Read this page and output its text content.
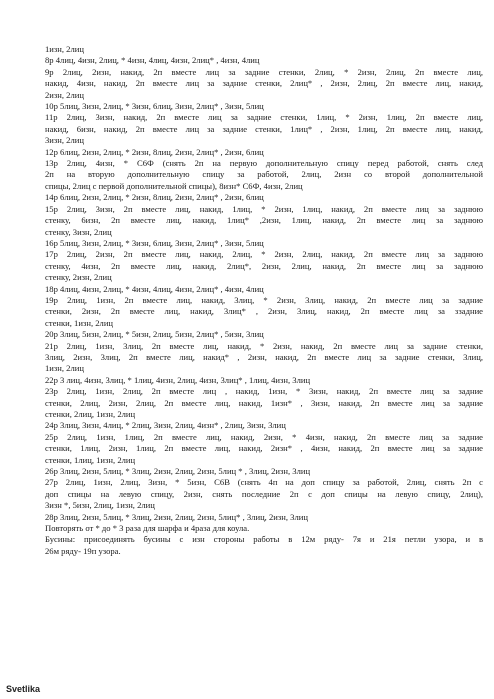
1изн, 2лиц
8р 4лиц, 4изн, 2лиц, * 4изн, 4лиц, 4изн, 2лиц* , 4изн, 4лиц
9р 2лиц, 2изн, накид, 2п вместе лиц за задние стенки, 2лиц, * 2изн, 2лиц, 2п вместе лиц,
накид, 4изн, накид, 2п вместе лиц за задние стенки, 2лиц* , 2изн, 2лиц, 2п вместе лиц, накид,
2изн, 2лиц
10р 5лиц, 3изн, 2лиц, * 3изн, 6лиц, 3изн, 2лиц* , 3изн, 5лиц
11р 2лиц, 3изн, накид, 2п вместе лиц за задние стенки, 1лиц, * 2изн, 1лиц, 2п вместе лиц,
накид, 6изн, накид, 2п вместе лиц за задние стенки, 1лиц* , 2изн, 1лиц, 2п вместе лиц, накид,
3изн, 2лиц
12р 6лиц, 2изн, 2лиц, * 2изн, 8лиц, 2изн, 2лиц* , 2изн, 6лиц
13р 2лиц, 4изн, * С6Ф (снять 2п на первую дополнительную спицу перед работой, снять след
2п на вторую дополнительную спицу за работой, 2лиц, 2изн со второй дополнительной
спицы, 2лиц с первой дополнительной спицы), 8изн* С6Ф, 4изн, 2лиц
14р 6лиц, 2изн, 2лиц, * 2изн, 8лиц, 2изн, 2лиц* , 2изн, 6лиц
15р 2лиц, 3изн, 2п вместе лиц, накид, 1лиц, * 2изн, 1лиц, накид, 2п вместе лиц за заднюю
стенку, 6изн, 2п вместе лиц, накид, 1лиц* ,2изн, 1лиц, накид, 2п вместе лиц за заднюю
стенку, 3изн, 2лиц
16р 5лиц, 3изн, 2лиц, * 3изн, 6лиц, 3изн, 2лиц* , 3изн, 5лиц
17р 2лиц, 2изн, 2п вместе лиц, накид, 2лиц, * 2изн, 2лиц, накид, 2п вместе лиц за заднюю
стенку, 4изн, 2п вместе лиц, накид, 2лиц*, 2изн, 2лиц, накид, 2п вместе лиц за заднюю
стенку, 2изн, 2лиц
18р 4лиц, 4изн, 2лиц, * 4изн, 4лиц, 4изн, 2лиц* , 4изн, 4лиц
19р 2лиц, 1изн, 2п вместе лиц, накид, 3лиц, * 2изн, 3лиц, накид, 2п вместе лиц за задние
стенки, 2изн, 2п вместе лиц, накид, 3лиц* , 2изн, 3лиц, накид, 2п вместе лиц за ззадние
стенки, 1изн, 2лиц
20р 3лиц, 5изн, 2лиц, * 5изн, 2лиц, 5изн, 2лиц* , 5изн, 3лиц
21р 2лиц, 1изн, 3лиц, 2п вместе лиц, накид, * 2изн, накид, 2п вместе лиц за задние стенки,
3лиц, 2изн, 3лиц, 2п вместе лиц, накид* , 2изн, накид, 2п вместе лиц за задние стенки, 3лиц,
1изн, 2лиц
22р 3 лиц, 4изн, 3лиц, * 1лиц, 4изн, 2лиц, 4изн, 3лиц* , 1лиц, 4изн, 3лиц
23р 2лиц, 1изн, 2лиц, 2п вместе лиц , накид, 1изн, * 3изн, накид, 2п вместе лиц за задние
стенки, 2лиц, 2изн, 2лиц, 2п вместе лиц, накид, 1изн* , 3изн, накид, 2п вместе лиц за задние
стенки, 2лиц, 1изн, 2лиц
24р 3лиц, 3изн, 4лиц, * 2лиц, 3изн, 2лиц, 4изн* , 2лиц, 3изн, 3лиц
25р 2лиц, 1изн, 1лиц, 2п вместе лиц, накид, 2изн, * 4изн, накид, 2п вместе лиц за задние
стенки, 1лиц, 2изн, 1лиц, 2п вместе лиц, накид, 2изн* , 4изн, накид, 2п вместе лиц за задние
стенки, 1лиц, 1изн, 2лиц
26р 3лиц, 2изн, 5лиц, * 3лиц, 2изн, 2лиц, 2изн, 5лиц * , 3лиц, 2изн, 3лиц
27р 2лиц, 1изн, 2лиц, 3изн, * 5изн, С6В (снять 4п на доп спицу за работой, 2лиц, снять 2п с
доп спицы на левую спицу, 2изн, снять последние 2п с доп спицы на левую спицу, 2лиц),
3изн *, 5изн, 2лиц, 1изн, 2лиц
28р 3лиц, 2изн, 5лиц, * 3лиц, 2изн, 2лиц, 2изн, 5лиц* , 3лиц, 2изн, 3лиц
Повторять от * до * 3 раза для шарфа и 4раза для коула.
Бусины: присоединять бусины с изн стороны работы в 12м ряду- 7я и 21я петли узора, и в
26м ряду- 19п узора.
Svetlika
